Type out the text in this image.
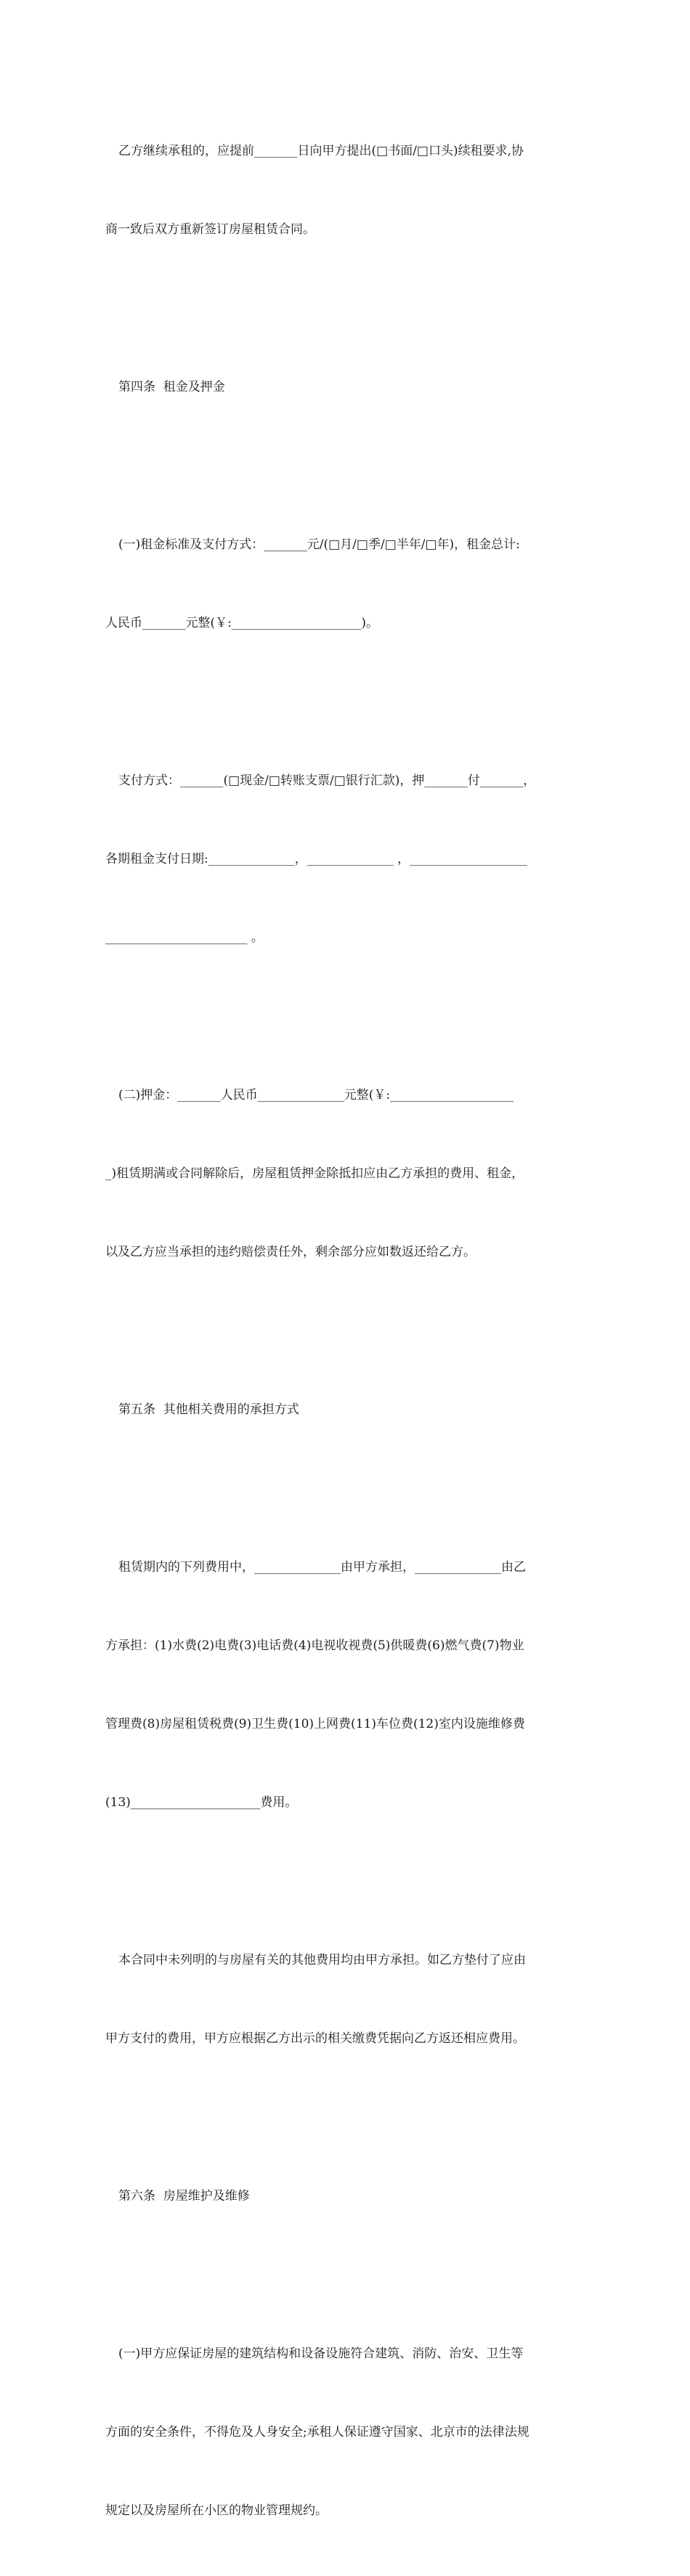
乙方继续承租的，应提前_______日向甲方提出(□书面/□口头)续租要求,协

商一致后双方重新签订房屋租赁合同。

第四条  租金及押金

(一)租金标准及支付方式：_______元/(□月/□季/□半年/□年)，租金总计:

人民币_______元整(￥:_____________________)。

支付方式：_______(□现金/□转账支票/□银行汇款)，押_______付_______，

各期租金支付日期:______________，______________ ，___________________

_______________________ 。

(二)押金：_______人民币______________元整(￥:____________________

_)租赁期满或合同解除后，房屋租赁押金除抵扣应由乙方承担的费用、租金，

以及乙方应当承担的违约赔偿责任外，剩余部分应如数返还给乙方。

第五条  其他相关费用的承担方式

租赁期内的下列费用中，______________由甲方承担，______________由乙

方承担：(1)水费(2)电费(3)电话费(4)电视收视费(5)供暖费(6)燃气费(7)物业

管理费(8)房屋租赁税费(9)卫生费(10)上网费(11)车位费(12)室内设施维修费

(13)_____________________费用。

本合同中未列明的与房屋有关的其他费用均由甲方承担。如乙方垫付了应由

甲方支付的费用，甲方应根据乙方出示的相关缴费凭据向乙方返还相应费用。

第六条  房屋维护及维修

(一)甲方应保证房屋的建筑结构和设备设施符合建筑、消防、治安、卫生等

方面的安全条件，不得危及人身安全;承租人保证遵守国家、北京市的法律法规

规定以及房屋所在小区的物业管理规约。
